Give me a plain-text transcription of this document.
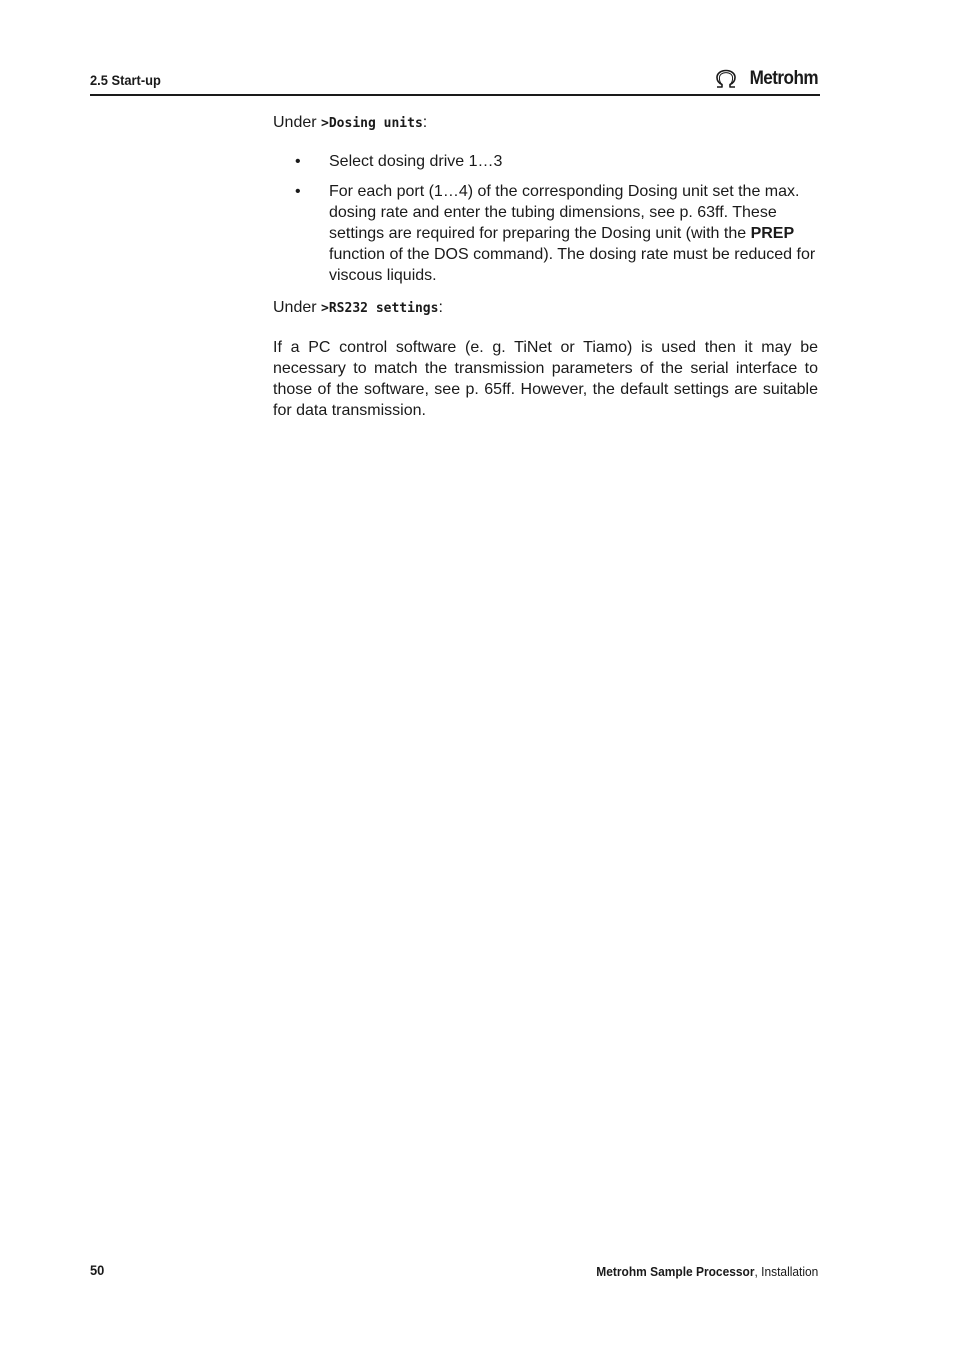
2.5 Start-up	Metrohm

Under >Dosing units:

• Select dosing drive 1…3
• For each port (1…4) of the corresponding Dosing unit set the max. dosing rate and enter the tubing dimensions, see p. 63ff. These settings are required for preparing the Dosing unit (with the PREP function of the DOS command). The dosing rate must be reduced for viscous liquids.

Under >RS232 settings:

If a PC control software (e. g. TiNet or Tiamo) is used then it may be necessary to match the transmission parameters of the serial interface to those of the software, see p. 65ff. However, the default settings are suitable for data transmission.

50	Metrohm Sample Processor, Installation
